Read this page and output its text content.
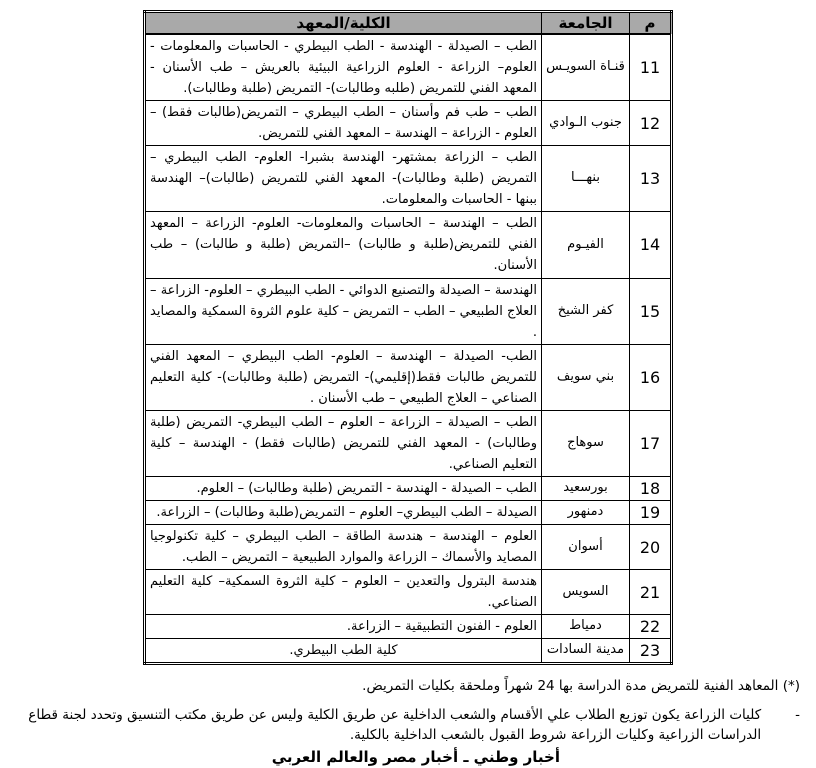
م	الجامعة	الكلية/المعهد
11	قنـاة السويـس	الطب – الصيدلة - الهندسة - الطب البيطري - الحاسبات والمعلومات - العلوم– الزراعة - العلوم الزراعية البيئية بالعريش – طب الأسنان - المعهد الفني للتمريض (طلبه وطالبات)- التمريض (طلبة وطالبات).
12	جنوب الـوادي	الطب – طب فم وأسنان – الطب البيطري – التمريض(طالبات فقط) – العلوم - الزراعة – الهندسة – المعهد الفني للتمريض.
13	بنهـــا	الطب – الزراعة بمشتهر- الهندسة بشبرا- العلوم- الطب البيطري – التمريض (طلبة وطالبات)- المعهد الفني للتمريض (طالبات)– الهندسة ببنها - الحاسبات والمعلومات.
14	الفيـوم	الطب – الهندسة – الحاسبات والمعلومات- العلوم- الزراعة – المعهد الفني للتمريض(طلبة و طالبات) –التمريض (طلبة و طالبات) – طب الأسنان.
15	كفر الشيخ	الهندسة – الصيدلة والتصنيع الدوائي - الطب البيطري – العلوم- الزراعة – العلاج الطبيعي – الطب – التمريض – كلية علوم الثروة السمكية والمصايد .
16	بني سويف	الطب- الصيدلة – الهندسة – العلوم- الطب البيطري – المعهد الفني للتمريض طالبات فقط(إقليمي)- التمريض (طلبة وطالبات)- كلية التعليم الصناعي – العلاج الطبيعي – طب الأسنان .
17	سوهاج	الطب – الصيدلة – الزراعة – العلوم – الطب البيطري- التمريض (طلبة وطالبات) - المعهد الفني للتمريض (طالبات فقط) - الهندسة – كلية التعليم الصناعي.
18	بورسعيد	الطب – الصيدلة - الهندسة - التمريض (طلبة وطالبات) – العلوم.
19	دمنهور	الصيدلة – الطب البيطري– العلوم – التمريض(طلبة وطالبات) – الزراعة.
20	أسوان	العلوم – الهندسة – هندسة الطاقة – الطب البيطري – كلية تكنولوجيا المصايد والأسماك – الزراعة والموارد الطبيعية – التمريض – الطب.
21	السويس	هندسة البترول والتعدين – العلوم – كلية الثروة السمكية– كلية التعليم الصناعي.
22	دمياط	العلوم - الفنون التطبيقية – الزراعة.
23	مدينة السادات	كلية الطب البيطري.
(*) المعاهد الفنية للتمريض مدة الدراسة بها 24 شهراً وملحقة بكليات التمريض.
-
كليات الزراعة يكون توزيع الطلاب علي الأقسام والشعب الداخلية عن طريق الكلية وليس عن طريق مكتب التنسيق وتحدد لجنة قطاع الدراسات الزراعية وكليات الزراعة شروط القبول بالشعب الداخلية بالكلية.
أخبار وطني ـ أخبار مصر والعالم العربي
